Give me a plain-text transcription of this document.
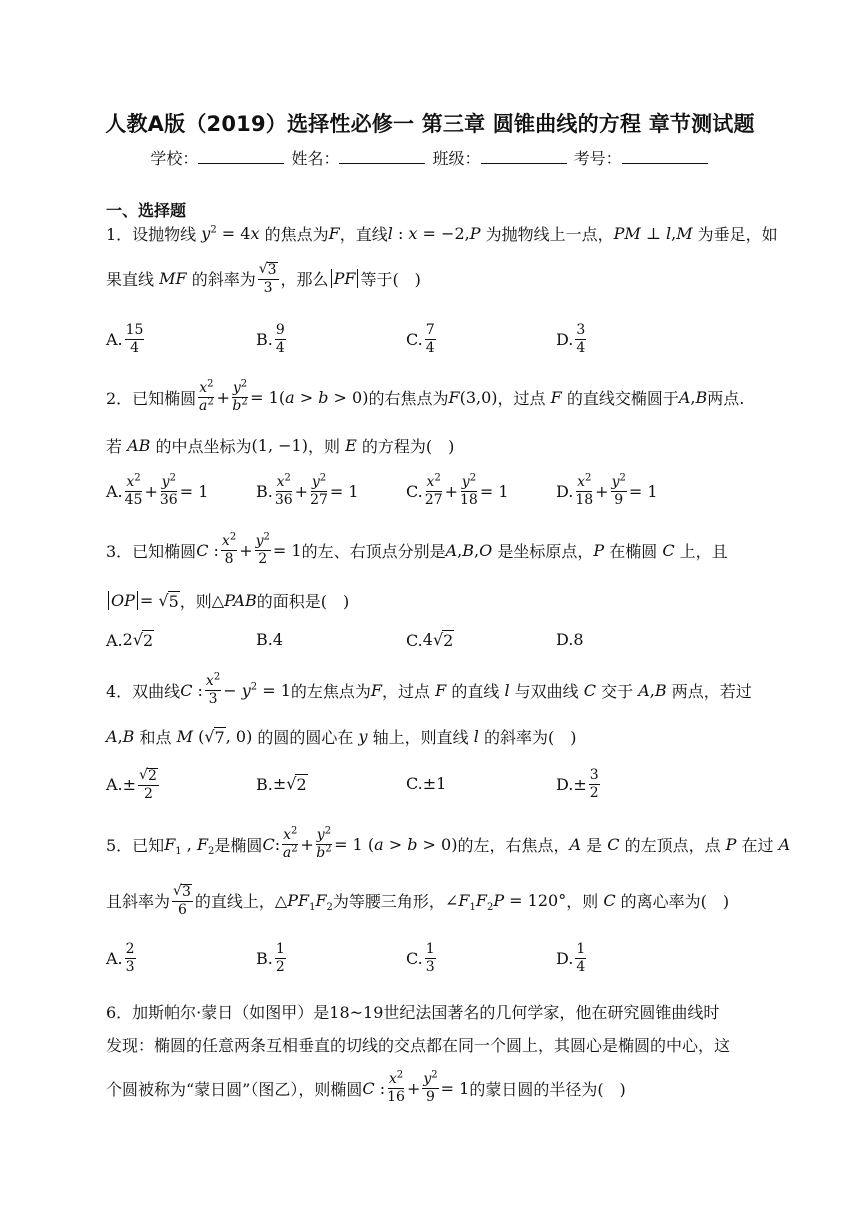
人教A版（2019）选择性必修一 第三章 圆锥曲线的方程 章节测试题
学校：	姓名：	班级：	考号：
一、选择题
1．设抛物线 $y^2 = 4x$ 的焦点为 F ，直线 l : x = −2 , P
为抛物线上一点， PM ⊥ l , M
为垂足，如
果直线
MF
的斜率为 $\frac{√ 3}{3}$ ，那么 PF 等于(　)
A. $\frac{15}{4}$	B. $\frac{9}{4}$	C. $\frac{7}{4}$	D. $\frac{3}{4}$
2．已知椭圆 $\frac{x^2}{a^2} + \frac{y^2}{b^2} = 1(a > b > 0)$ 的右焦点为 F(3,0) ，过点
F
的直线交椭圆于 A , B 两点.
若
AB
的中点坐标为 (1, −1) ，则
E
的方程为(　)
A. $\frac{x^2}{45} + \frac{y^2}{36} = 1$	B. $\frac{x^2}{36} + \frac{y^2}{27} = 1$	C. $\frac{x^2}{27} + \frac{y^2}{18} = 1$	D. $\frac{x^2}{18} + \frac{y^2}{9} = 1$
3．已知椭圆 C : $\frac{x^2}{8} + \frac{y^2}{2} = 1$ 的左、右顶点分别是 A , B , O
是坐标原点， P
在椭圆
C
上，且
OP = √ 5 ，则 △PAB 的面积是(　)
A. 2√ 2	B.4	C. 4√ 2	D.8
4．双曲线 C : $\frac{x^2}{3} - y^2 = 1$ 的左焦点为 F ，过点
F
的直线
l
与双曲线
C
交于
A , B
两点，若过
A , B
和点 M (√ 7 , 0) 的圆的圆心在
y
轴上，则直线
l
的斜率为(　)
A. ± $\frac{√ 2}{2}$	B. ±√ 2	C. ±1	D. ± $\frac{3}{2}$
5．已知 $F_1$ , $F_2$ 是椭圆 C: $\frac{x^2}{a^2} + \frac{y^2}{b^2} = 1$ (a > b > 0) 的左，右焦点， A
是
C
的左顶点，点
P
在过
A
且斜率为 $\frac{√ 3}{6}$ 的直线上， $\triangle PF_1F_2$ 为等腰三角形， $\angle F_1F_2P = 120^\circ$ ，则
C
的离心率为(　)
A. $\frac{2}{3}$	B. $\frac{1}{2}$	C. $\frac{1}{3}$	D. $\frac{1}{4}$
6．加斯帕尔·蒙日（如图甲）是18~19世纪法国著名的几何学家，他在研究圆锥曲线时
发现：椭圆的任意两条互相垂直的切线的交点都在同一个圆上，其圆心是椭圆的中心，这
个圆被称为“蒙日圆”（图乙），则椭圆 C : $\frac{x^2}{16} + \frac{y^2}{9} = 1$ 的蒙日圆的半径为(　)
